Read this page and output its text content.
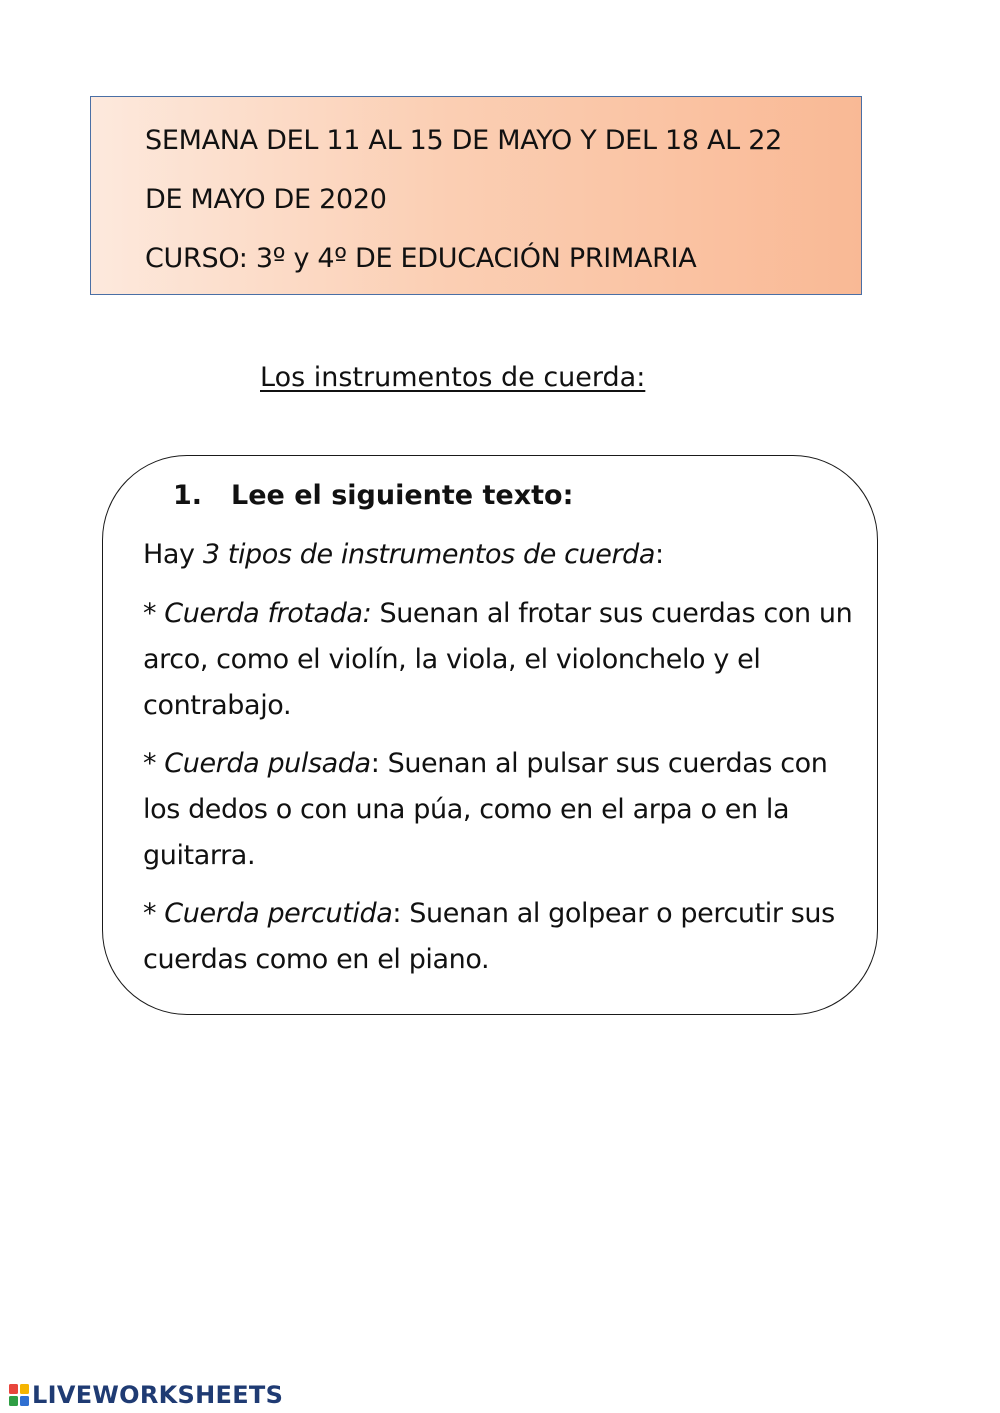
SEMANA DEL 11 AL 15 DE MAYO Y DEL 18 AL 22
DE MAYO DE 2020
CURSO: 3º y 4º DE EDUCACIÓN PRIMARIA
Los instrumentos de cuerda:
1. Lee el siguiente texto:
Hay 3 tipos de instrumentos de cuerda:
* Cuerda frotada: Suenan al frotar sus cuerdas con un arco, como el violín, la viola, el violonchelo y el contrabajo.
* Cuerda pulsada: Suenan al pulsar sus cuerdas con los dedos o con una púa, como en el arpa o en la guitarra.
* Cuerda percutida: Suenan al golpear o percutir sus cuerdas como en el piano.
LIVEWORKSHEETS
